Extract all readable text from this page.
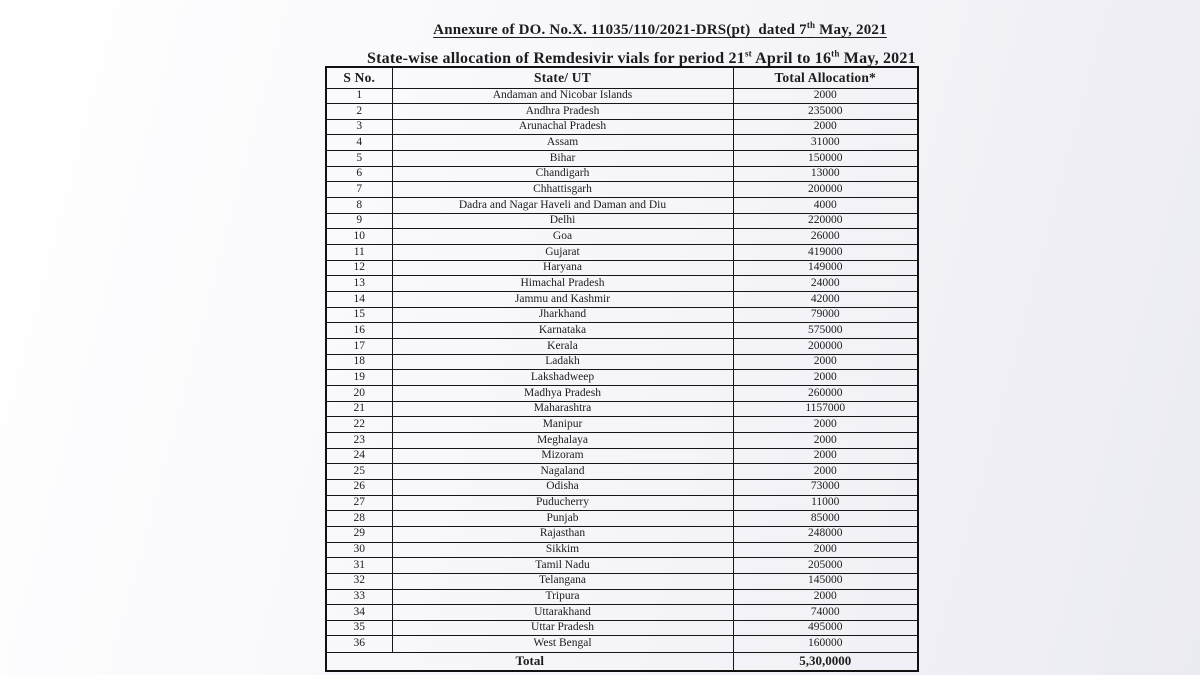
Annexure of DO. No.X. 11035/110/2021-DRS(pt)  dated 7th May, 2021

State-wise allocation of Remdesivir vials for period 21st April to 16th May, 2021

S No.	State/ UT	Total Allocation*
1	Andaman and Nicobar Islands	2000
2	Andhra Pradesh	235000
3	Arunachal Pradesh	2000
4	Assam	31000
5	Bihar	150000
6	Chandigarh	13000
7	Chhattisgarh	200000
8	Dadra and Nagar Haveli and Daman and Diu	4000
9	Delhi	220000
10	Goa	26000
11	Gujarat	419000
12	Haryana	149000
13	Himachal Pradesh	24000
14	Jammu and Kashmir	42000
15	Jharkhand	79000
16	Karnataka	575000
17	Kerala	200000
18	Ladakh	2000
19	Lakshadweep	2000
20	Madhya Pradesh	260000
21	Maharashtra	1157000
22	Manipur	2000
23	Meghalaya	2000
24	Mizoram	2000
25	Nagaland	2000
26	Odisha	73000
27	Puducherry	11000
28	Punjab	85000
29	Rajasthan	248000
30	Sikkim	2000
31	Tamil Nadu	205000
32	Telangana	145000
33	Tripura	2000
34	Uttarakhand	74000
35	Uttar Pradesh	495000
36	West Bengal	160000
Total		5,30,0000
